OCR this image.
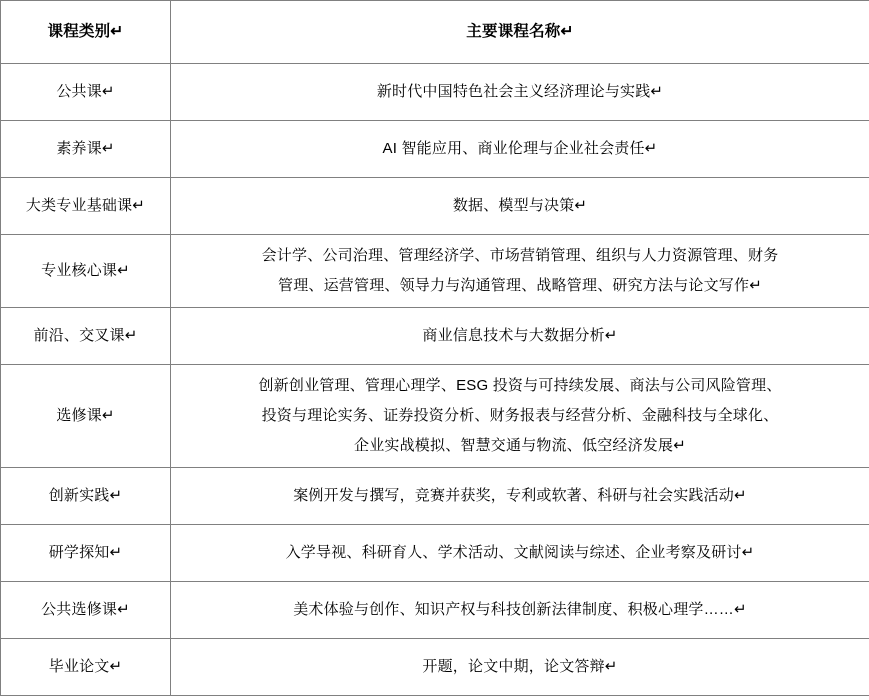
课程类别↵	主要课程名称↵
公共课↵	新时代中国特色社会主义经济理论与实践↵

素养课↵	AI 智能应用、商业伦理与企业社会责任↵

大类专业基础课↵	数据、模型与决策↵

专业核心课↵	会计学、公司治理、管理经济学、市场营销管理、组织与人力资源管理、财务
管理、运营管理、领导力与沟通管理、战略管理、研究方法与论文写作↵

前沿、交叉课↵	商业信息技术与大数据分析↵

选修课↵	创新创业管理、管理心理学、ESG 投资与可持续发展、商法与公司风险管理、
投资与理论实务、证券投资分析、财务报表与经营分析、金融科技与全球化、
企业实战模拟、智慧交通与物流、低空经济发展↵

创新实践↵	案例开发与撰写，竞赛并获奖，专利或软著、科研与社会实践活动↵

研学探知↵	入学导视、科研育人、学术活动、文献阅读与综述、企业考察及研讨↵

公共选修课↵	美术体验与创作、知识产权与科技创新法律制度、积极心理学……↵

毕业论文↵	开题，论文中期，论文答辩↵
